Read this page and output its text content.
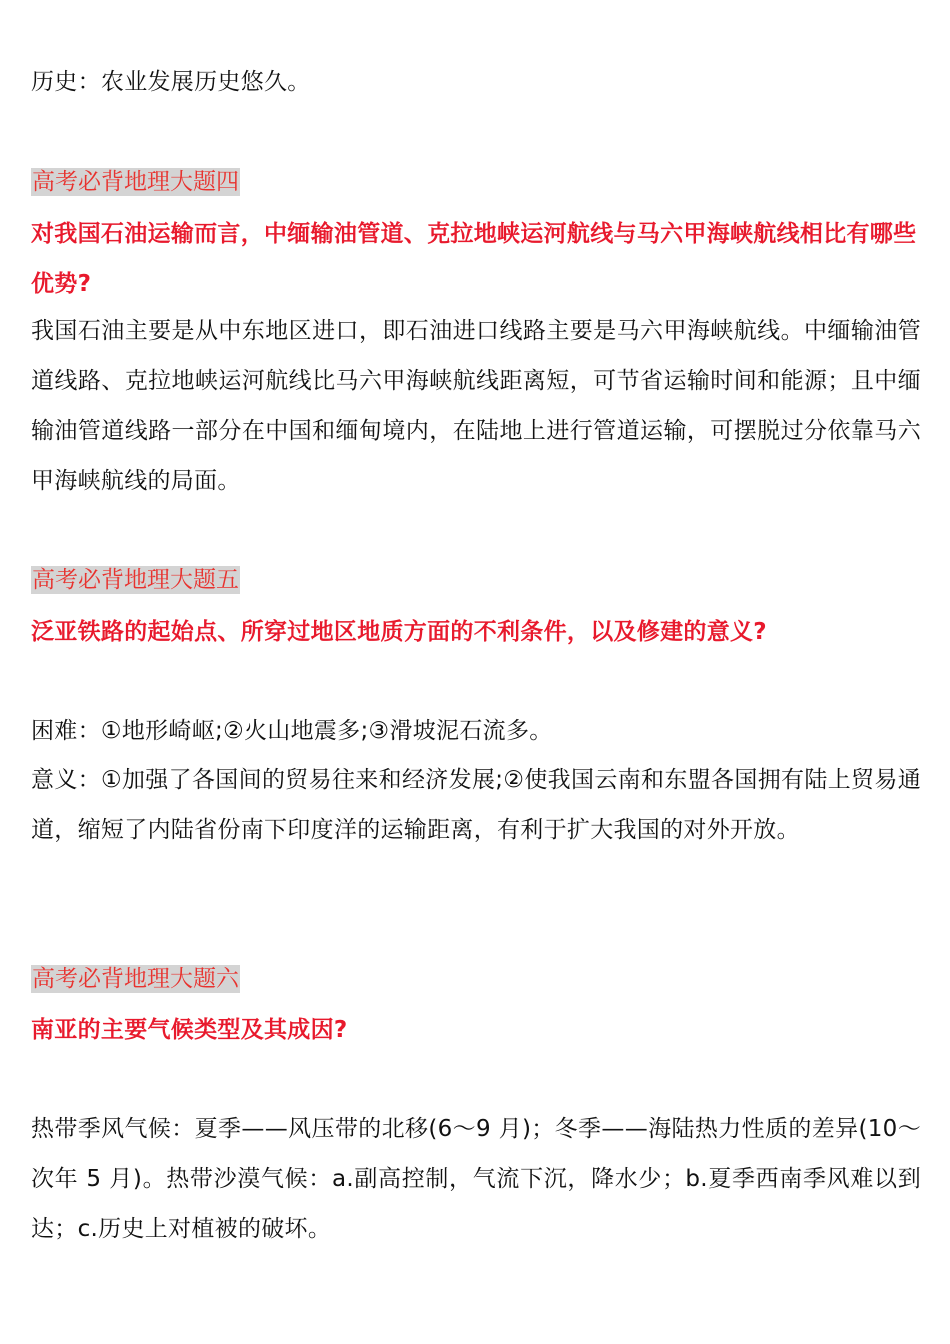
历史：农业发展历史悠久。
高考必背地理大题四
对我国石油运输而言，中缅输油管道、克拉地峡运河航线与马六甲海峡航线相比有哪些优势?
我国石油主要是从中东地区进口，即石油进口线路主要是马六甲海峡航线。中缅输油管道线路、克拉地峡运河航线比马六甲海峡航线距离短，可节省运输时间和能源；且中缅输油管道线路一部分在中国和缅甸境内，在陆地上进行管道运输，可摆脱过分依靠马六甲海峡航线的局面。
高考必背地理大题五
泛亚铁路的起始点、所穿过地区地质方面的不利条件，以及修建的意义?
困难：①地形崎岖;②火山地震多;③滑坡泥石流多。
意义：①加强了各国间的贸易往来和经济发展;②使我国云南和东盟各国拥有陆上贸易通道，缩短了内陆省份南下印度洋的运输距离，有利于扩大我国的对外开放。
高考必背地理大题六
南亚的主要气候类型及其成因?
热带季风气候：夏季——风压带的北移(6～9 月)；冬季——海陆热力性质的差异(10～次年 5 月)。热带沙漠气候：a.副高控制，气流下沉，降水少；b.夏季西南季风难以到达；c.历史上对植被的破坏。
